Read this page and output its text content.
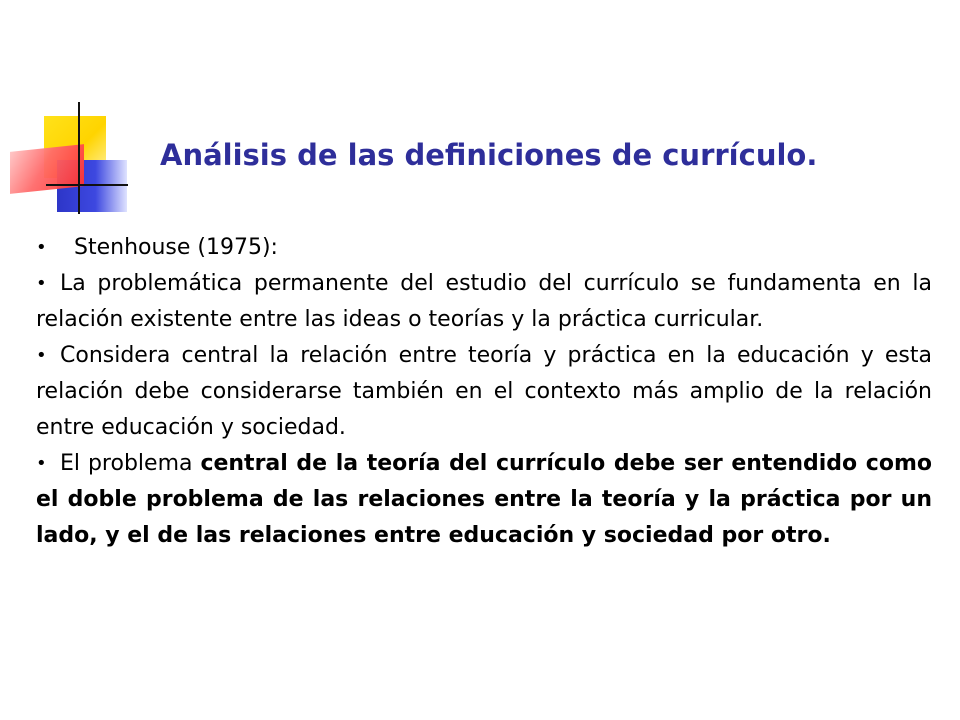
Análisis de las definiciones de currículo.
• Stenhouse (1975):
• La problemática permanente del estudio del currículo se fundamenta en la relación existente entre las ideas o teorías y la práctica curricular.
• Considera central la relación entre teoría y práctica en la educación y esta relación debe considerarse también en el contexto más amplio de la relación entre educación y sociedad.
• El problema central de la teoría del currículo debe ser entendido como el doble problema de las relaciones entre la teoría y la práctica por un lado, y el de las relaciones entre educación y sociedad por otro.
